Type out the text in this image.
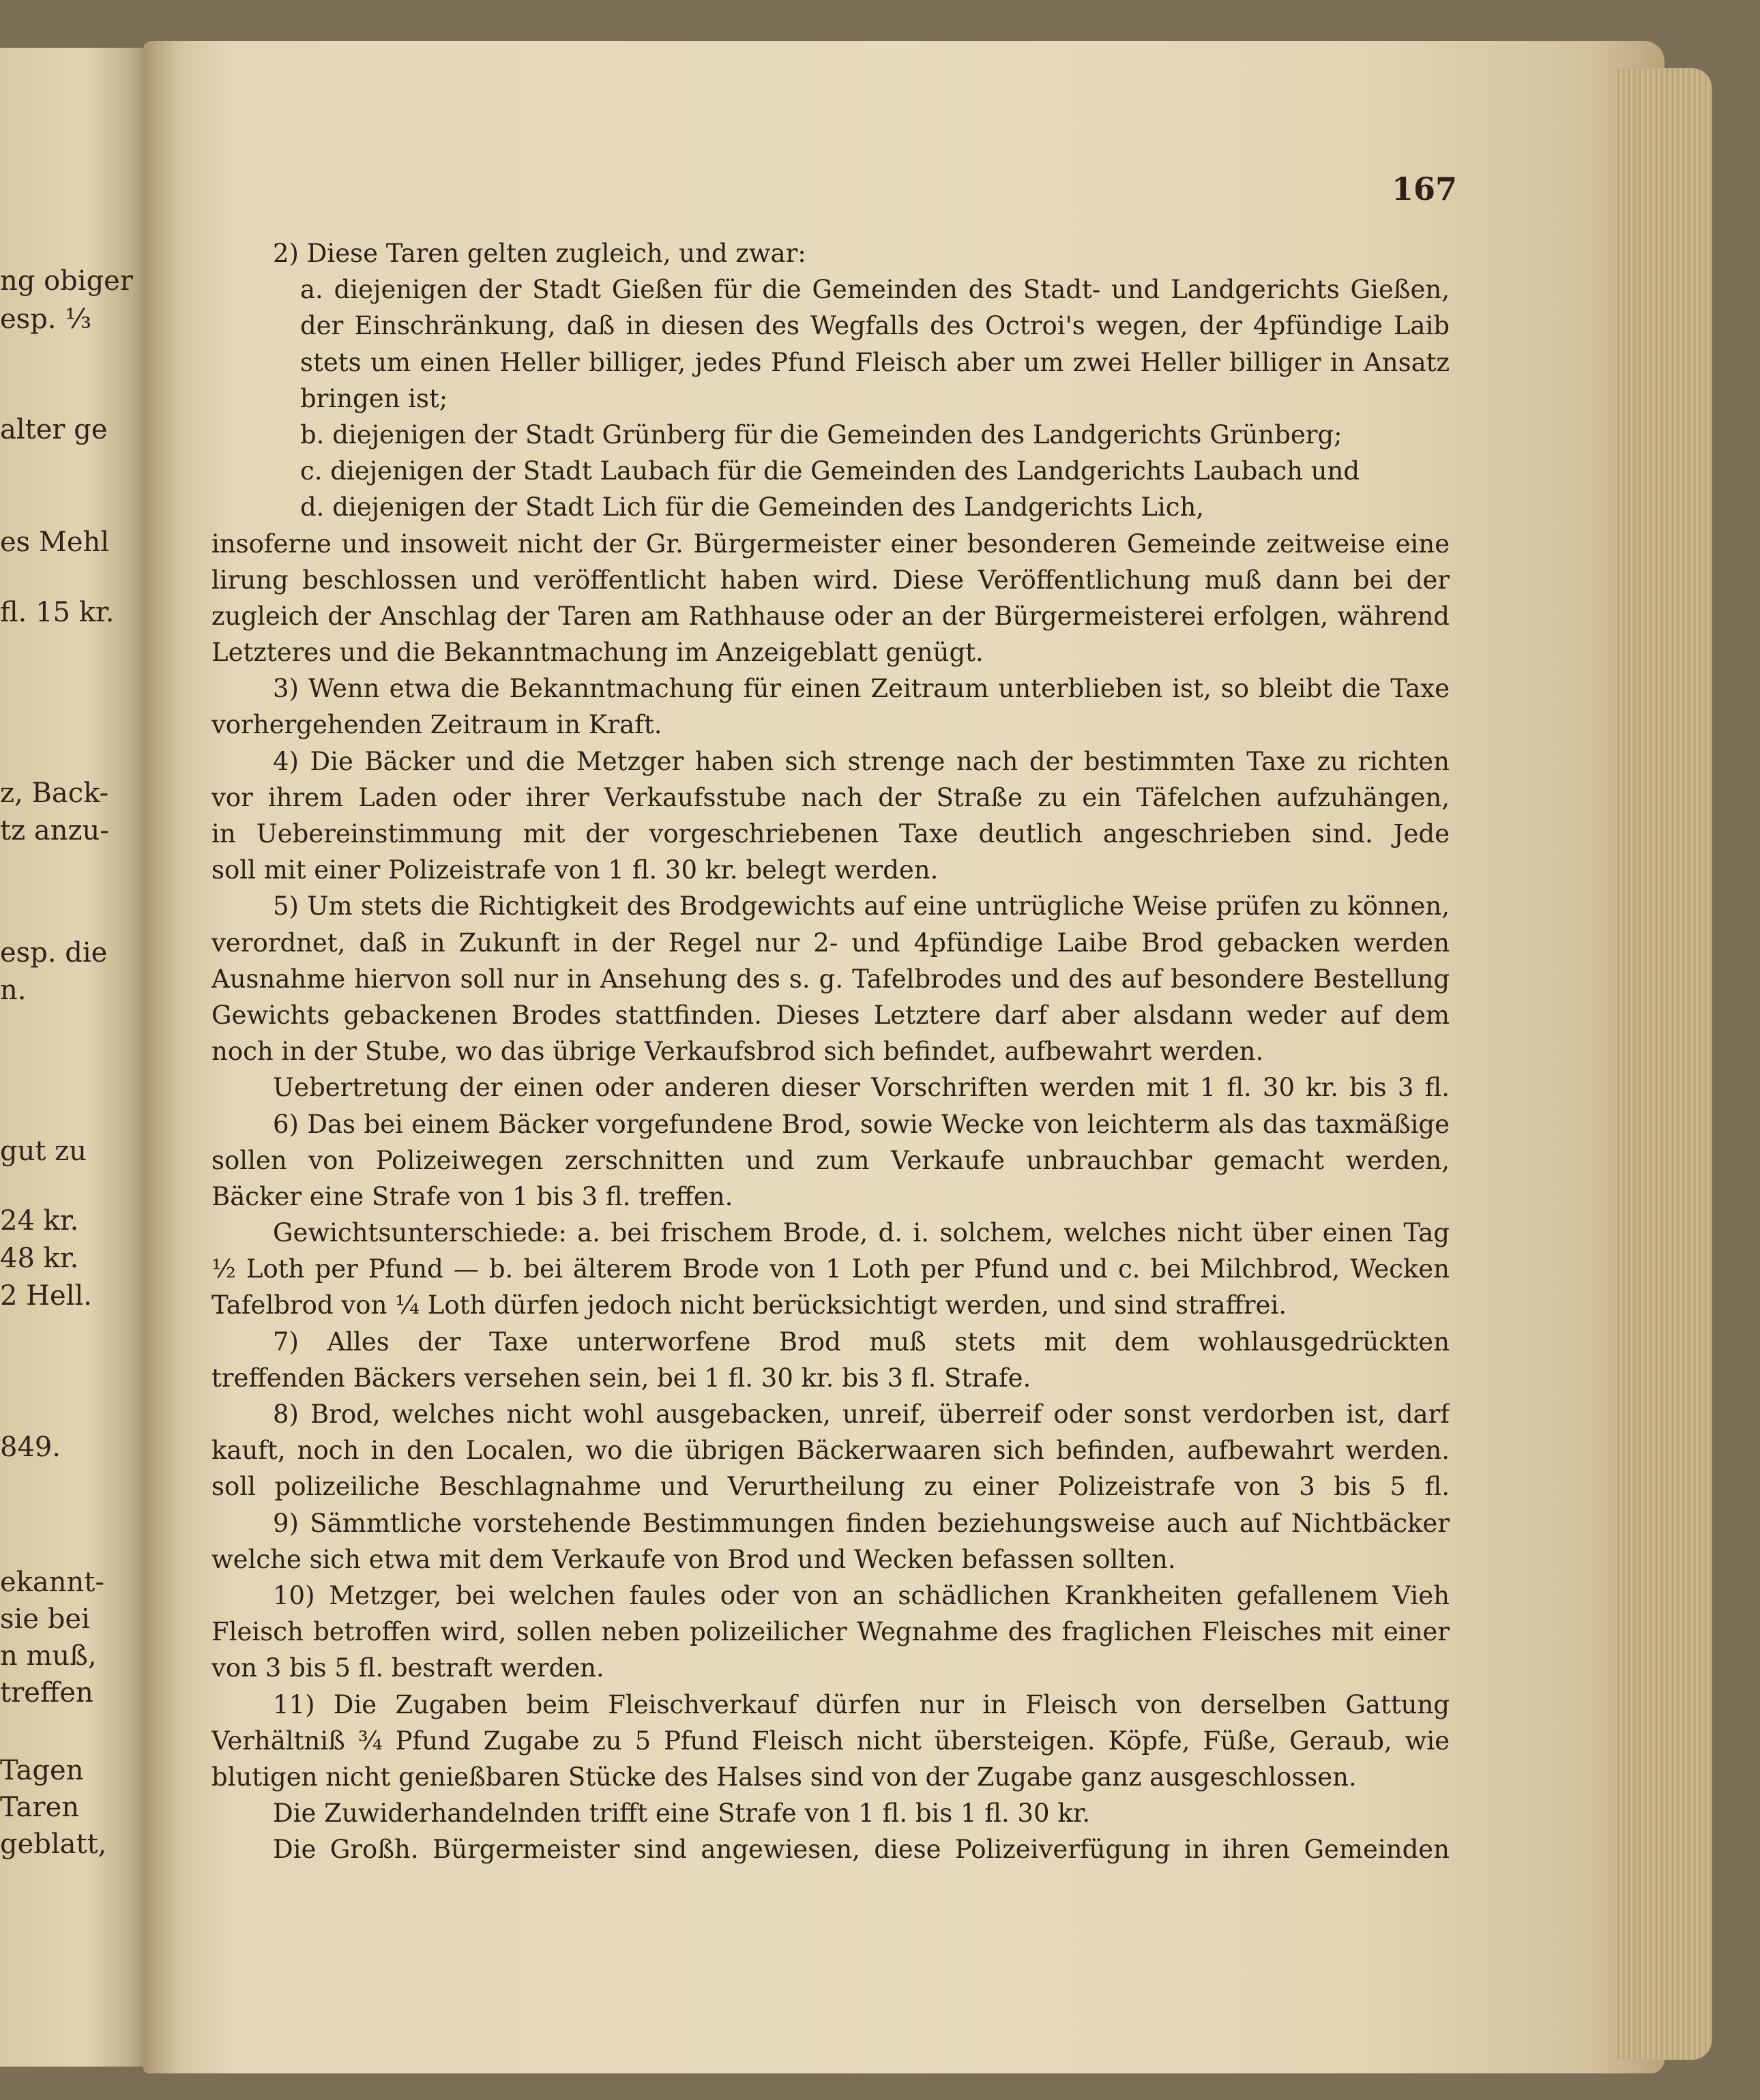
ng obiger
esp. ⅓
alter ge
es Mehl
fl. 15 kr.
z, Back-
tz anzu-
esp. die
n.
gut zu
24 kr.
48 kr.
2 Hell.
849.
ekannt-
sie bei
n muß,
treffen
Tagen
Taren
geblatt,
167
2) Diese Taren gelten zugleich, und zwar:
a. diejenigen der Stadt Gießen für die Gemeinden des Stadt- und Landgerichts Gießen,
der Einschränkung, daß in diesen des Wegfalls des Octroi's wegen, der 4pfündige Laib
stets um einen Heller billiger, jedes Pfund Fleisch aber um zwei Heller billiger in Ansatz
bringen ist;
b. diejenigen der Stadt Grünberg für die Gemeinden des Landgerichts Grünberg;
c. diejenigen der Stadt Laubach für die Gemeinden des Landgerichts Laubach und
d. diejenigen der Stadt Lich für die Gemeinden des Landgerichts Lich,
insoferne und insoweit nicht der Gr. Bürgermeister einer besonderen Gemeinde zeitweise eine
lirung beschlossen und veröffentlicht haben wird. Diese Veröffentlichung muß dann bei der
zugleich der Anschlag der Taren am Rathhause oder an der Bürgermeisterei erfolgen, während
Letzteres und die Bekanntmachung im Anzeigeblatt genügt.
3) Wenn etwa die Bekanntmachung für einen Zeitraum unterblieben ist, so bleibt die Taxe
vorhergehenden Zeitraum in Kraft.
4) Die Bäcker und die Metzger haben sich strenge nach der bestimmten Taxe zu richten
vor ihrem Laden oder ihrer Verkaufsstube nach der Straße zu ein Täfelchen aufzuhängen,
in Uebereinstimmung mit der vorgeschriebenen Taxe deutlich angeschrieben sind. Jede
soll mit einer Polizeistrafe von 1 fl. 30 kr. belegt werden.
5) Um stets die Richtigkeit des Brodgewichts auf eine untrügliche Weise prüfen zu können,
verordnet, daß in Zukunft in der Regel nur 2- und 4pfündige Laibe Brod gebacken werden
Ausnahme hiervon soll nur in Ansehung des s. g. Tafelbrodes und des auf besondere Bestellung
Gewichts gebackenen Brodes stattfinden. Dieses Letztere darf aber alsdann weder auf dem
noch in der Stube, wo das übrige Verkaufsbrod sich befindet, aufbewahrt werden.
Uebertretung der einen oder anderen dieser Vorschriften werden mit 1 fl. 30 kr. bis 3 fl.
6) Das bei einem Bäcker vorgefundene Brod, sowie Wecke von leichterm als das taxmäßige
sollen von Polizeiwegen zerschnitten und zum Verkaufe unbrauchbar gemacht werden,
Bäcker eine Strafe von 1 bis 3 fl. treffen.
Gewichtsunterschiede: a. bei frischem Brode, d. i. solchem, welches nicht über einen Tag
½ Loth per Pfund — b. bei älterem Brode von 1 Loth per Pfund und c. bei Milchbrod, Wecken
Tafelbrod von ¼ Loth dürfen jedoch nicht berücksichtigt werden, und sind straffrei.
7) Alles der Taxe unterworfene Brod muß stets mit dem wohlausgedrückten
treffenden Bäckers versehen sein, bei 1 fl. 30 kr. bis 3 fl. Strafe.
8) Brod, welches nicht wohl ausgebacken, unreif, überreif oder sonst verdorben ist, darf
kauft, noch in den Localen, wo die übrigen Bäckerwaaren sich befinden, aufbewahrt werden.
soll polizeiliche Beschlagnahme und Verurtheilung zu einer Polizeistrafe von 3 bis 5 fl.
9) Sämmtliche vorstehende Bestimmungen finden beziehungsweise auch auf Nichtbäcker
welche sich etwa mit dem Verkaufe von Brod und Wecken befassen sollten.
10) Metzger, bei welchen faules oder von an schädlichen Krankheiten gefallenem Vieh
Fleisch betroffen wird, sollen neben polizeilicher Wegnahme des fraglichen Fleisches mit einer
von 3 bis 5 fl. bestraft werden.
11) Die Zugaben beim Fleischverkauf dürfen nur in Fleisch von derselben Gattung
Verhältniß ¾ Pfund Zugabe zu 5 Pfund Fleisch nicht übersteigen. Köpfe, Füße, Geraub, wie
blutigen nicht genießbaren Stücke des Halses sind von der Zugabe ganz ausgeschlossen.
Die Zuwiderhandelnden trifft eine Strafe von 1 fl. bis 1 fl. 30 kr.
Die Großh. Bürgermeister sind angewiesen, diese Polizeiverfügung in ihren Gemeinden
